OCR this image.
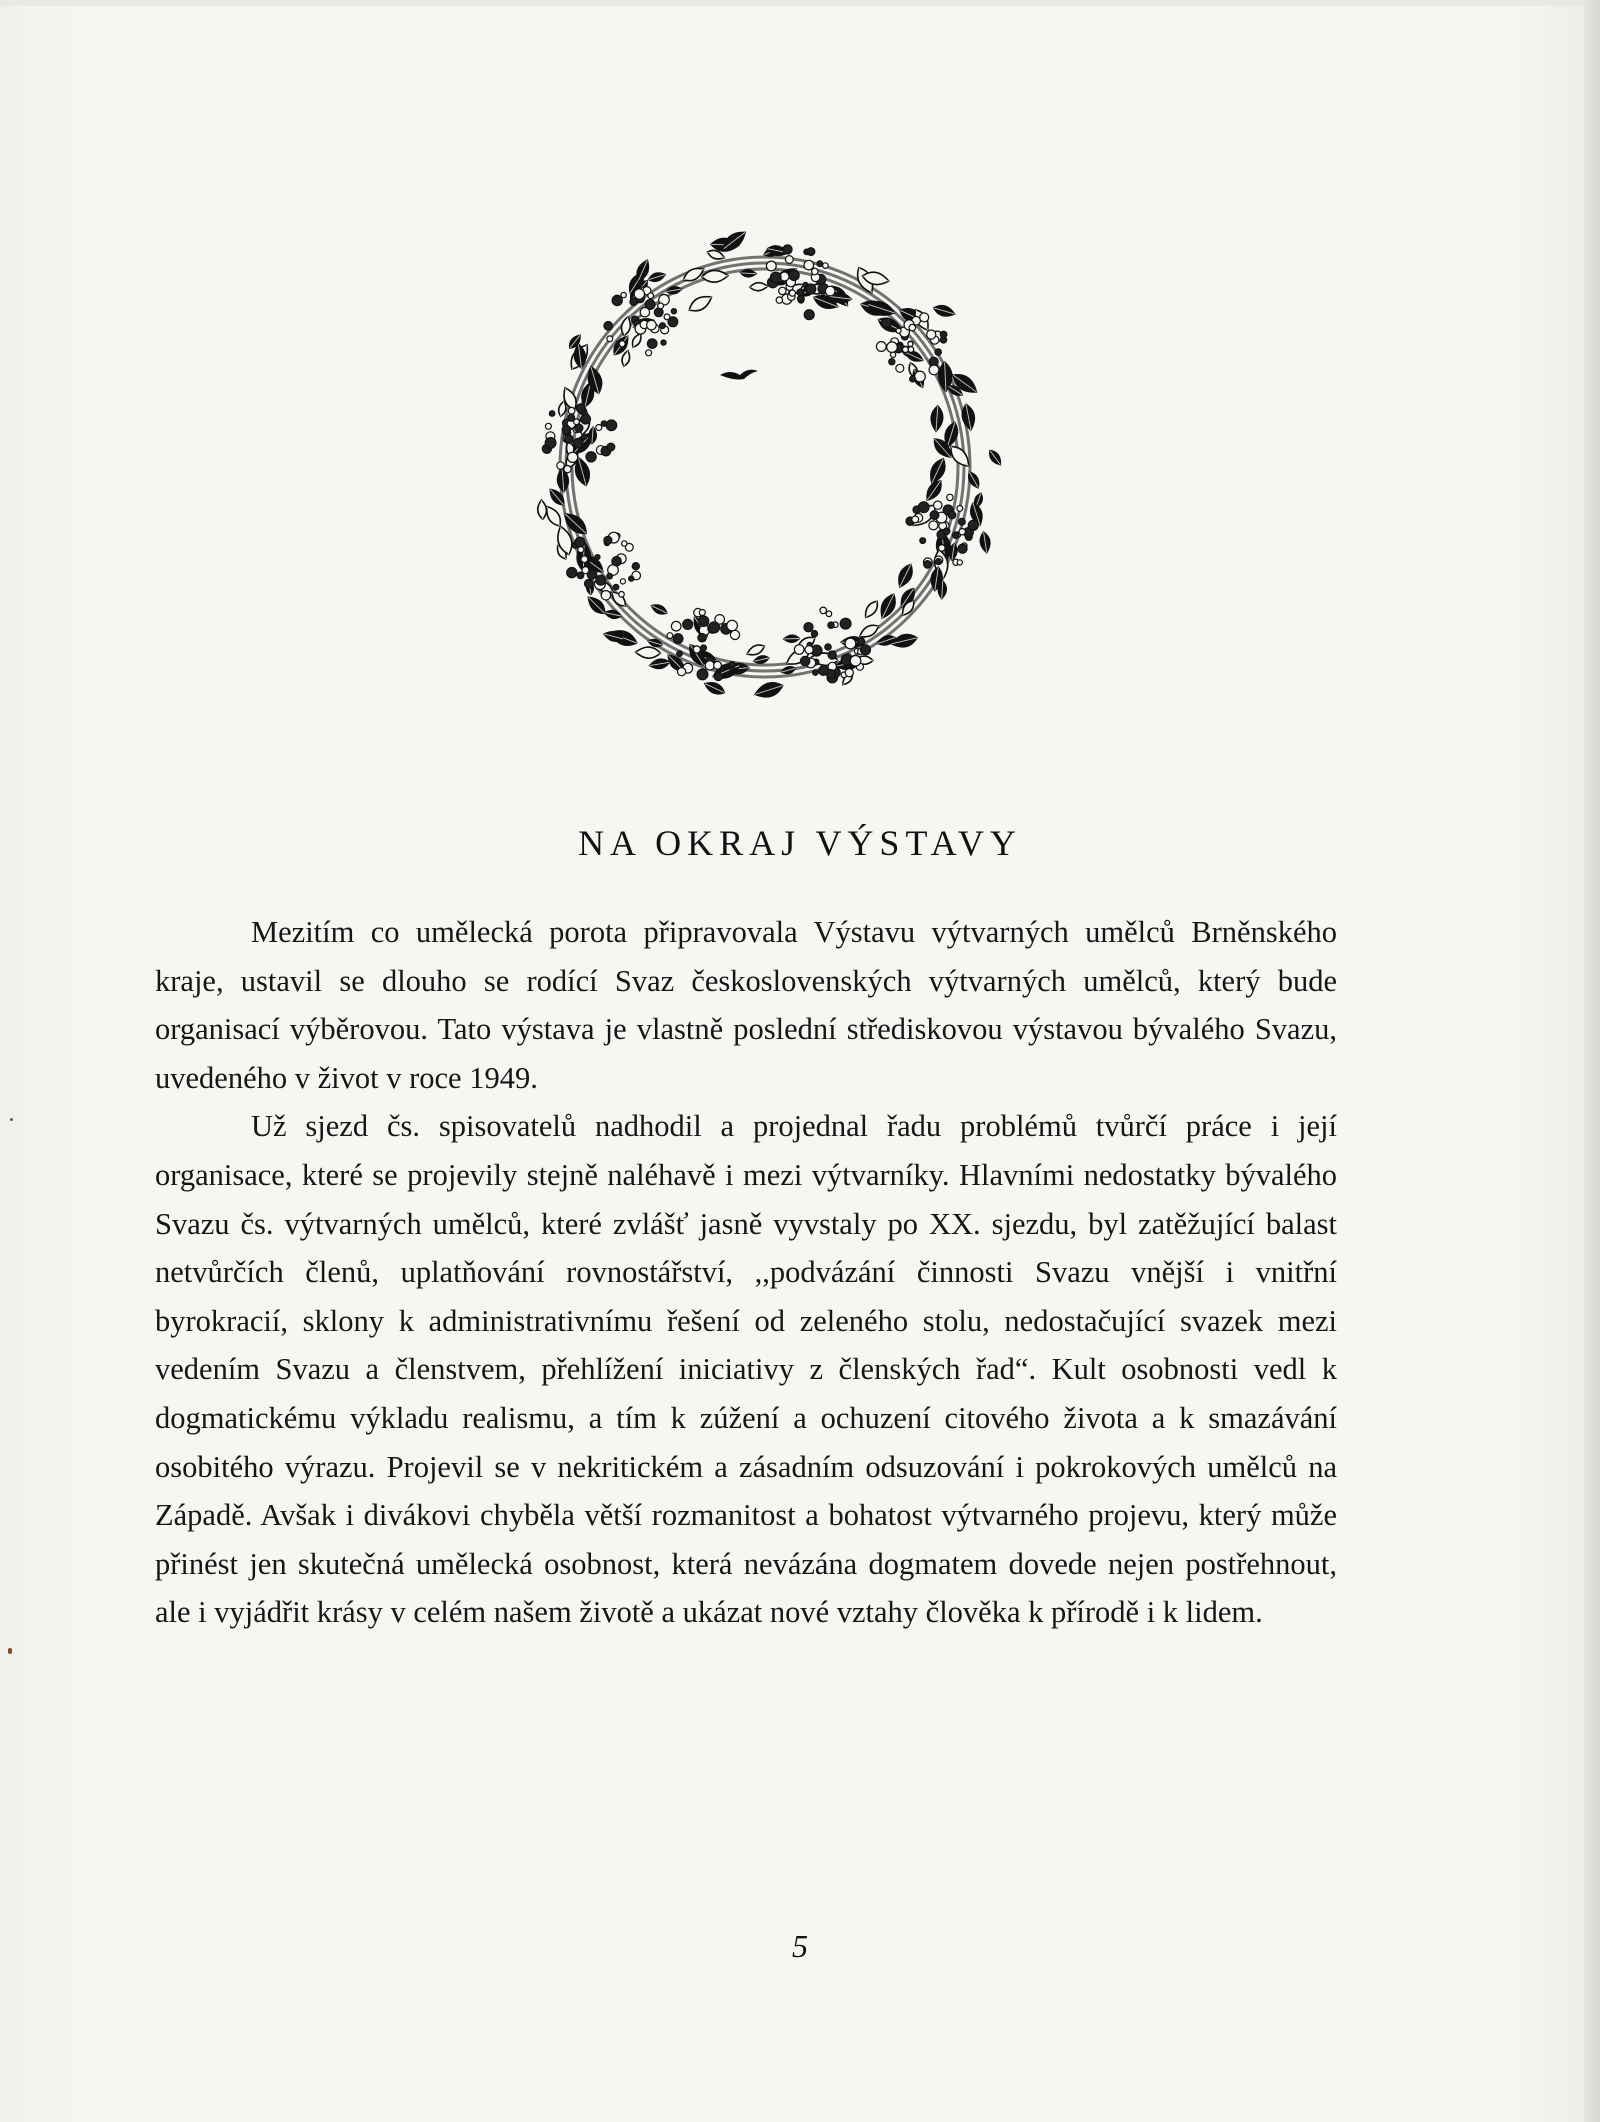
NA OKRAJ VÝSTAVY

Mezitím co umělecká porota připravovala Výstavu výtvarných umělců Brněnského kraje, ustavil se dlouho se rodící Svaz československých výtvarných umělců, který bude organisací výběrovou. Tato výstava je vlastně poslední střediskovou výstavou bývalého Svazu, uvedeného v život v roce 1949.

Už sjezd čs. spisovatelů nadhodil a projednal řadu problémů tvůrčí práce i její organisace, které se projevily stejně naléhavě i mezi výtvarníky. Hlavními nedostatky bývalého Svazu čs. výtvarných umělců, které zvlášť jasně vyvstaly po XX. sjezdu, byl zatěžující balast netvůrčích členů, uplatňování rovnostářství, ,,podvázání činnosti Svazu vnější i vnitřní byrokracií, sklony k administrativnímu řešení od zeleného stolu, nedostačující svazek mezi vedením Svazu a členstvem, přehlížení iniciativy z členských řad“. Kult osobnosti vedl k dogmatickému výkladu realismu, a tím k zúžení a ochuzení citového života a k smazávání osobitého výrazu. Projevil se v nekritickém a zásadním odsuzování i pokrokových umělců na Západě. Avšak i divákovi chyběla větší rozmanitost a bohatost výtvarného projevu, který může přinést jen skutečná umělecká osobnost, která nevázána dogmatem dovede nejen postřehnout, ale i vyjádřit krásy v celém našem životě a ukázat nové vztahy člověka k přírodě i k lidem.

5
